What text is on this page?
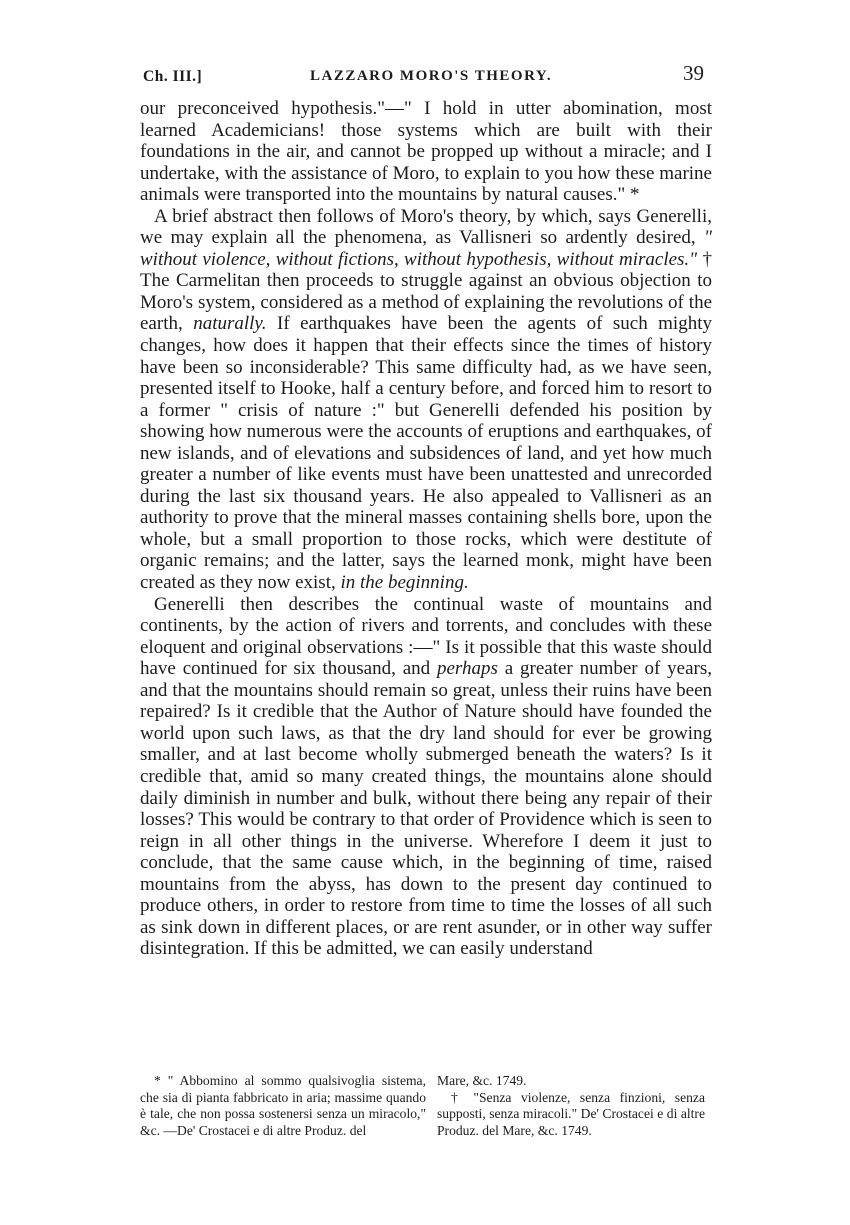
Ch. III.]	LAZZARO MORO'S THEORY.	39

our preconceived hypothesis."—" I hold in utter abomination, most learned Academicians! those systems which are built with their foundations in the air, and cannot be propped up without a miracle; and I undertake, with the assistance of Moro, to explain to you how these marine animals were transported into the mountains by natural causes." *

A brief abstract then follows of Moro's theory, by which, says Generelli, we may explain all the phenomena, as Vallisneri so ardently desired, " without violence, without fictions, without hypothesis, without miracles." † The Carmelitan then proceeds to struggle against an obvious objection to Moro's system, considered as a method of explaining the revolutions of the earth, naturally. If earthquakes have been the agents of such mighty changes, how does it happen that their effects since the times of history have been so inconsiderable? This same difficulty had, as we have seen, presented itself to Hooke, half a century before, and forced him to resort to a former " crisis of nature :" but Generelli defended his position by showing how numerous were the accounts of eruptions and earthquakes, of new islands, and of elevations and subsidences of land, and yet how much greater a number of like events must have been unattested and unrecorded during the last six thousand years. He also appealed to Vallisneri as an authority to prove that the mineral masses containing shells bore, upon the whole, but a small proportion to those rocks, which were destitute of organic remains; and the latter, says the learned monk, might have been created as they now exist, in the beginning.

Generelli then describes the continual waste of mountains and continents, by the action of rivers and torrents, and concludes with these eloquent and original observations :—" Is it possible that this waste should have continued for six thousand, and perhaps a greater number of years, and that the mountains should remain so great, unless their ruins have been repaired? Is it credible that the Author of Nature should have founded the world upon such laws, as that the dry land should for ever be growing smaller, and at last become wholly submerged beneath the waters? Is it credible that, amid so many created things, the mountains alone should daily diminish in number and bulk, without there being any repair of their losses? This would be contrary to that order of Providence which is seen to reign in all other things in the universe. Wherefore I deem it just to conclude, that the same cause which, in the beginning of time, raised mountains from the abyss, has down to the present day continued to produce others, in order to restore from time to time the losses of all such as sink down in different places, or are rent asunder, or in other way suffer disintegration. If this be admitted, we can easily understand

* " Abbomino al sommo qualsivoglia sistema, che sia di pianta fabbricato in aria; massime quando è tale, che non possa sostenersi senza un miracolo," &c. —De' Crostacei e di altre Produz. del

Mare, &c. 1749.

† "Senza violenze, senza finzioni, senza supposti, senza miracoli." De' Crostacei e di altre Produz. del Mare, &c. 1749.
